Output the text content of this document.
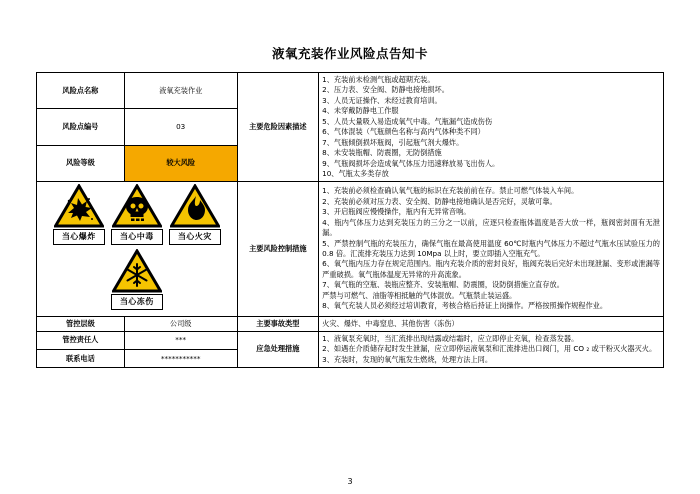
液氧充装作业风险点告知卡
风险点名称	液氧充装作业	主要危险因素描述	
1、充装前未检测气瓶或超期充装。
2、压力表、安全阀、防静电接地损坏。
3、人员无证操作、未经过教育培训。
4、未穿戴防静电工作服
5、人员大量吸入易造成氧气中毒。气瓶漏气造成伤伤
6、气体混装（气瓶颜色名称与高内气体种类不同）
7、气瓶倾倒损坏瓶阀，引起瓶气剂大爆炸。
8、未安装瓶帽、防震圈，无防倒措施
9、气瓶阀损坏会造成氧气体压力迅速释放易飞出伤人。
10、气瓶太多类存放

风险点编号	03		
风险等级	较大风险		

当心爆炸	当心中毒	当心火灾
当心冻伤
	主要风险控制措施	
1、充装前必须检查确认氧气瓶的标识在充装前前在存。禁止可燃气体装入车间。
2、充装前必须对压力表、安全阀、防静电接地确认是否完好，灵敏可靠。
3、开启瓶阀应慢慢操作，瓶内有无异常音响。
4、瓶内气体压力达到充装压力的三分之一以前，应逐只检查瓶体温度是否大放一样，瓶阀密封面有无泄漏。
5、严禁控制气瓶的充装压力，确保气瓶在最高使用温度 60℃时瓶内气体压力不超过气瓶水压试验压力的 0.8 倍。汇流排充装压力达到 10Mpa 以上时，要立即插入空瓶充气。
6、氧气瓶内压力存在规定范围内。瓶内充装介质的密封良好，瓶阀充装后完好未出现泄漏、变形或泄漏等严重破损。氧气瓶体温度无异常的升高流象。
7、氧气瓶的空瓶、装瓶应整齐、安装瓶帽、防震圈，设防倒措施立直存放。
严禁与可燃气、油脂等相抵触的气体混放。气瓶禁止装运盛。
8、氧气充装人员必须经过培训教育，考核合格后持证上岗操作。严格按照操作规程作业。

管控层级	公司级	主要事故类型	火灾、爆炸、中毒窒息、其他伤害（冻伤）
管控责任人	***	应急处理措施	1、液氧泵充氧时，当汇流排出现结露或结霜时，应立即停止充氧，检查蒸发器。
2、如遇在介质储存起时发生泄漏，应立即停运液氧泵和汇流排进出口阀门，用 CO ₂ 或干粉灭火器灭火。
3、充装时，发现的氧气瓶发生燃烧，处理方法上同。

联系电话	***********		
3
